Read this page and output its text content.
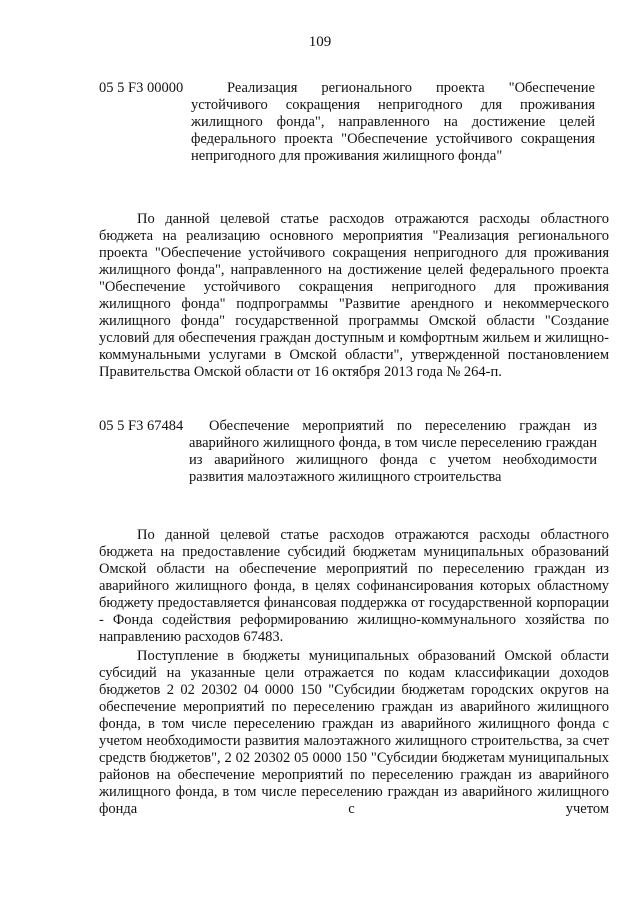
109
05 5 F3 00000	Реализация регионального проекта "Обеспечение устойчивого сокращения непригодного для проживания жилищного фонда", направленного на достижение целей федерального проекта "Обеспечение устойчивого сокращения непригодного для проживания жилищного фонда"
По данной целевой статье расходов отражаются расходы областного бюджета на реализацию основного мероприятия "Реализация регионального проекта "Обеспечение устойчивого сокращения непригодного для проживания жилищного фонда", направленного на достижение целей федерального проекта "Обеспечение устойчивого сокращения непригодного для проживания жилищного фонда" подпрограммы "Развитие арендного и некоммерческого жилищного фонда" государственной программы Омской области "Создание условий для обеспечения граждан доступным и комфортным жильем и жилищно-коммунальными услугами в Омской области", утвержденной постановлением Правительства Омской области от 16 октября 2013 года № 264-п.
05 5 F3 67484	Обеспечение мероприятий по переселению граждан из аварийного жилищного фонда, в том числе переселению граждан из аварийного жилищного фонда с учетом необходимости развития малоэтажного жилищного строительства
По данной целевой статье расходов отражаются расходы областного бюджета на предоставление субсидий бюджетам муниципальных образований Омской области на обеспечение мероприятий по переселению граждан из аварийного жилищного фонда, в целях софинансирования которых областному бюджету предоставляется финансовая поддержка от государственной корпорации - Фонда содействия реформированию жилищно-коммунального хозяйства по направлению расходов 67483.
Поступление в бюджеты муниципальных образований Омской области субсидий на указанные цели отражается по кодам классификации доходов бюджетов 2 02 20302 04 0000 150 "Субсидии бюджетам городских округов на обеспечение мероприятий по переселению граждан из аварийного жилищного фонда, в том числе переселению граждан из аварийного жилищного фонда с учетом необходимости развития малоэтажного жилищного строительства, за счет средств бюджетов", 2 02 20302 05 0000 150 "Субсидии бюджетам муниципальных районов на обеспечение мероприятий по переселению граждан из аварийного жилищного фонда, в том числе переселению граждан из аварийного жилищного фонда с учетом
